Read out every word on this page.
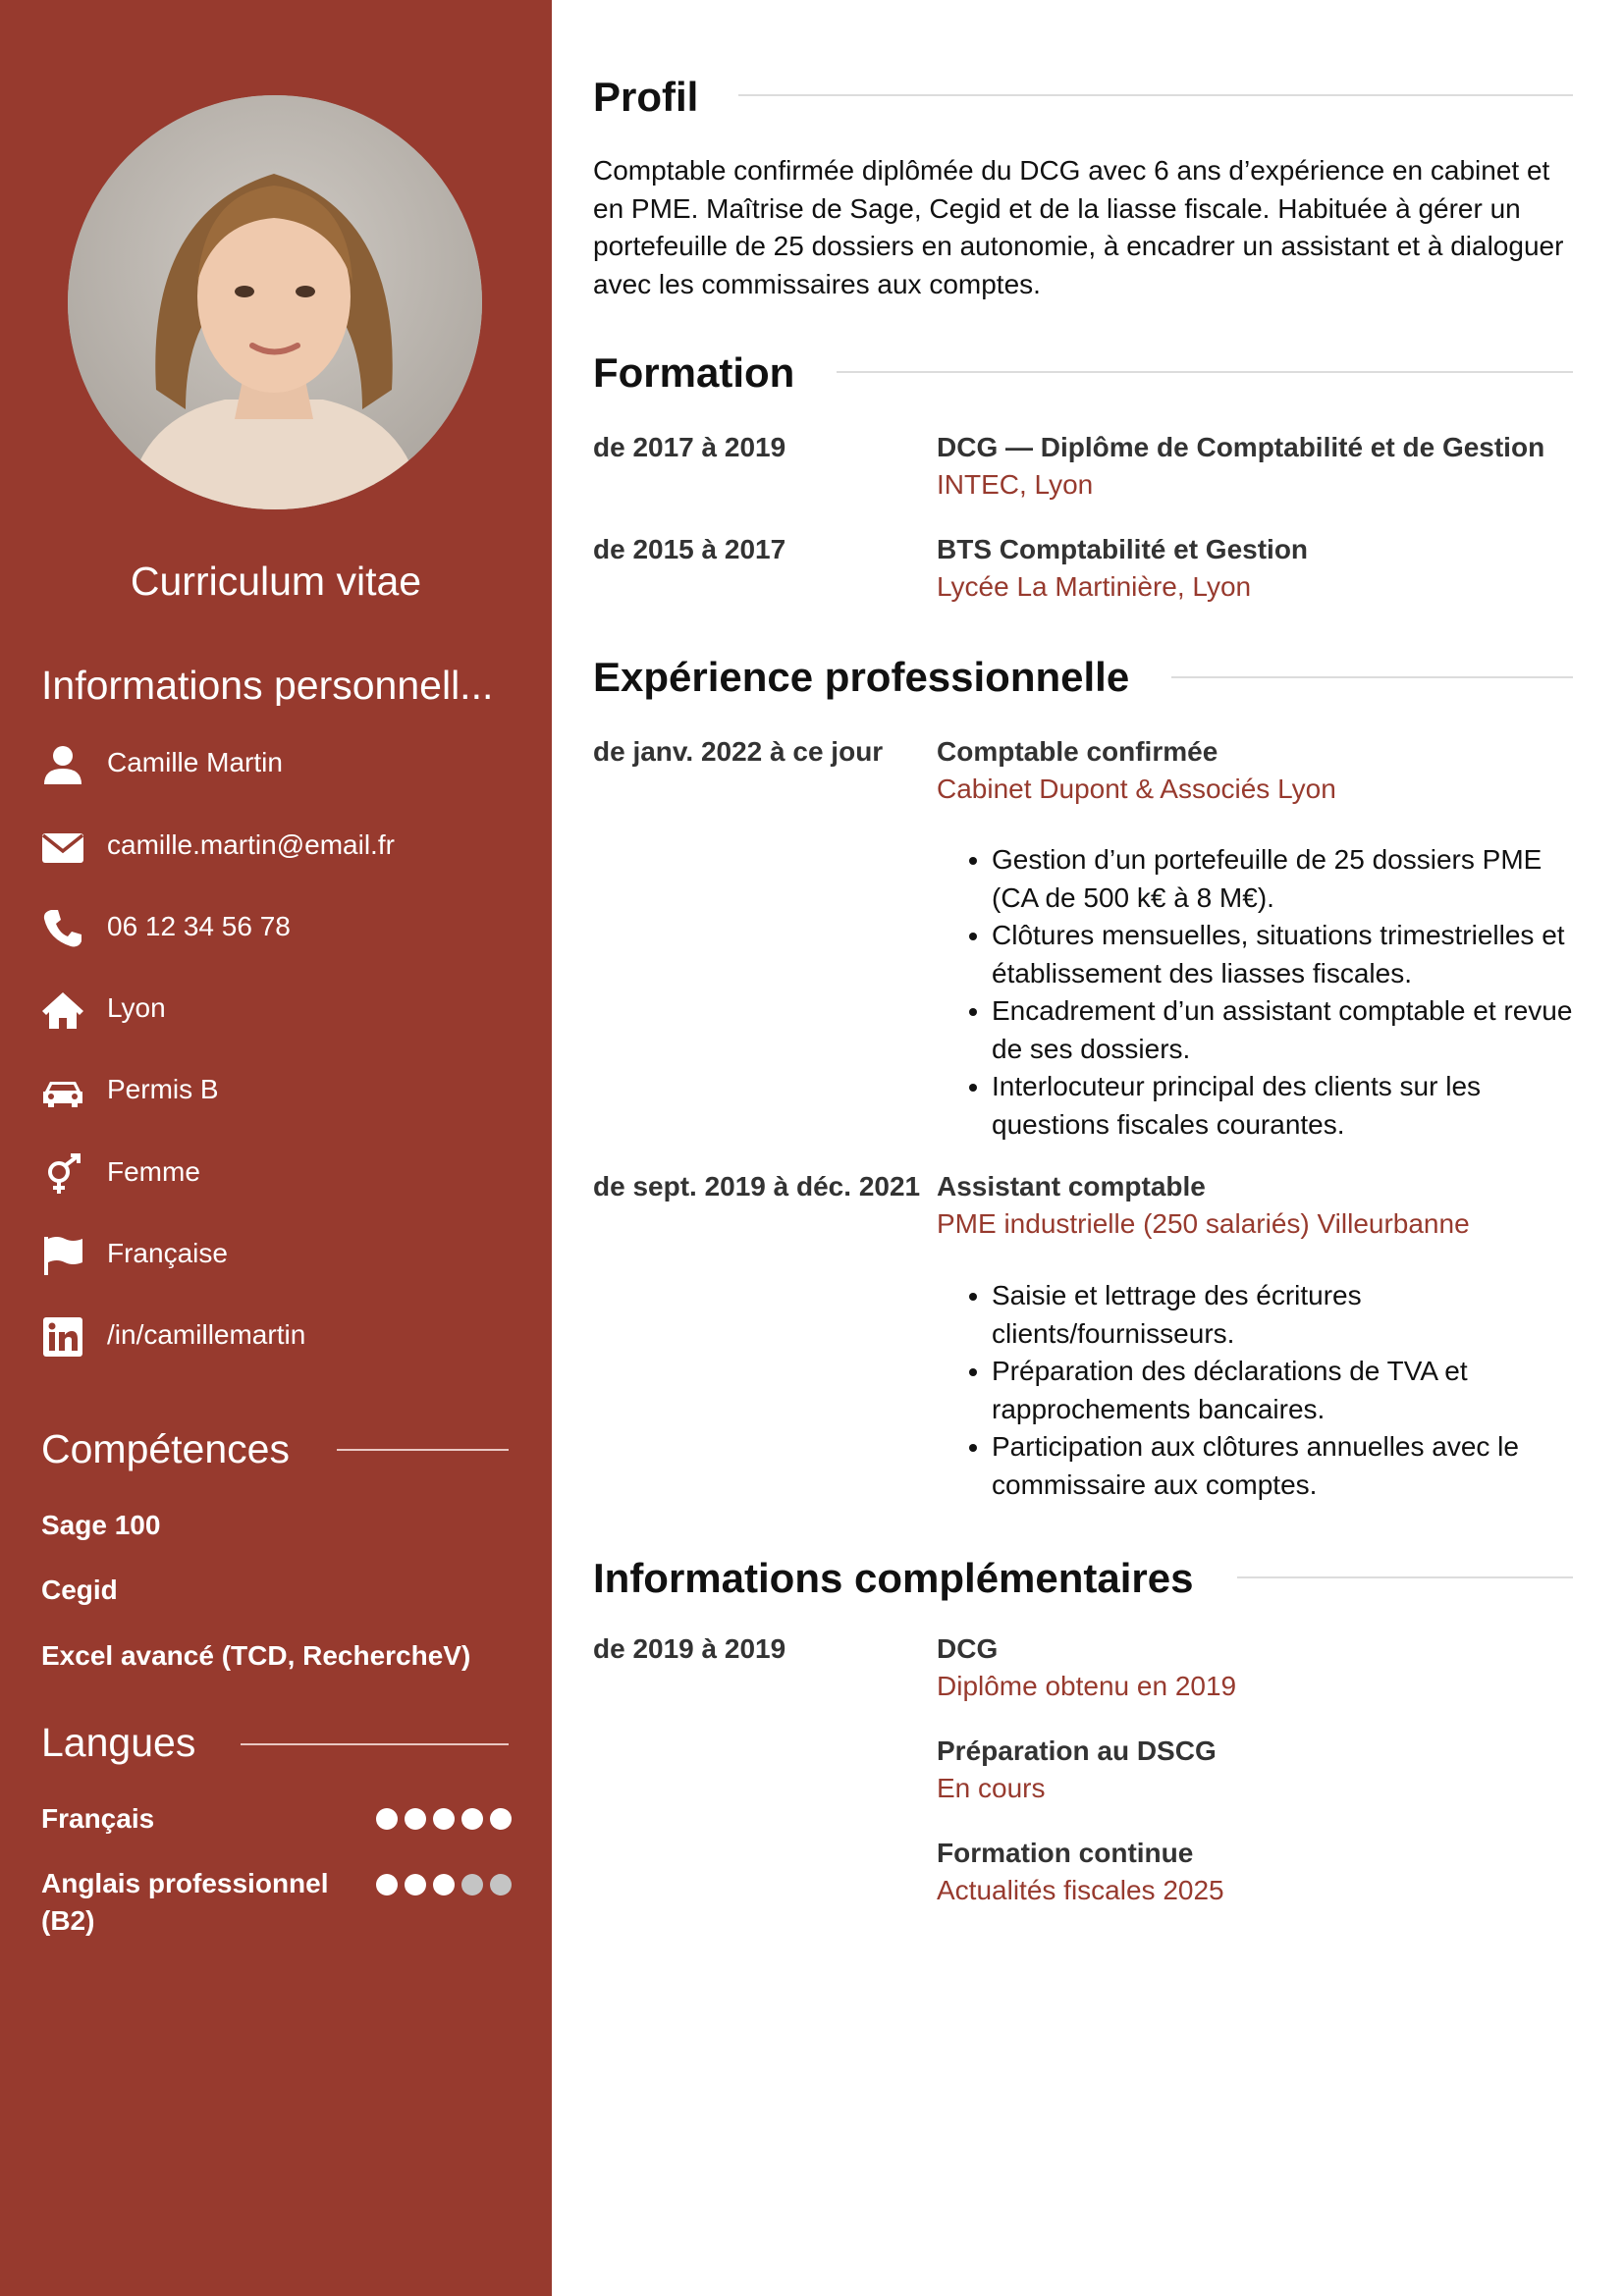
Curriculum vitae
Informations personnell...
Camille Martin
camille.martin@email.fr
06 12 34 56 78
Lyon
Permis B
Femme
Française
/in/camillemartin
Compétences
Sage 100
Cegid
Excel avancé (TCD, RechercheV)
Langues
Français
Anglais professionnel (B2)
Profil
Comptable confirmée diplômée du DCG avec 6 ans d’expérience en cabinet et en PME. Maîtrise de Sage, Cegid et de la liasse fiscale. Habituée à gérer un portefeuille de 25 dossiers en autonomie, à encadrer un assistant et à dialoguer avec les commissaires aux comptes.
Formation
de 2017 à 2019	DCG — Diplôme de Comptabilité et de Gestion
INTEC, Lyon
de 2015 à 2017	BTS Comptabilité et Gestion
Lycée La Martinière, Lyon
Expérience professionnelle
de janv. 2022 à ce jour Comptable confirmée
Cabinet Dupont & Associés Lyon
• Gestion d’un portefeuille de 25 dossiers PME (CA de 500 k€ à 8 M€).
• Clôtures mensuelles, situations trimestrielles et établissement des liasses fiscales.
• Encadrement d’un assistant comptable et revue de ses dossiers.
• Interlocuteur principal des clients sur les questions fiscales courantes.
de sept. 2019 à déc. 2021 Assistant comptable
PME industrielle (250 salariés) Villeurbanne
• Saisie et lettrage des écritures clients/fournisseurs.
• Préparation des déclarations de TVA et rapprochements bancaires.
• Participation aux clôtures annuelles avec le commissaire aux comptes.
Informations complémentaires
de 2019 à 2019	DCG
Diplôme obtenu en 2019
Préparation au DSCG
En cours
Formation continue
Actualités fiscales 2025
